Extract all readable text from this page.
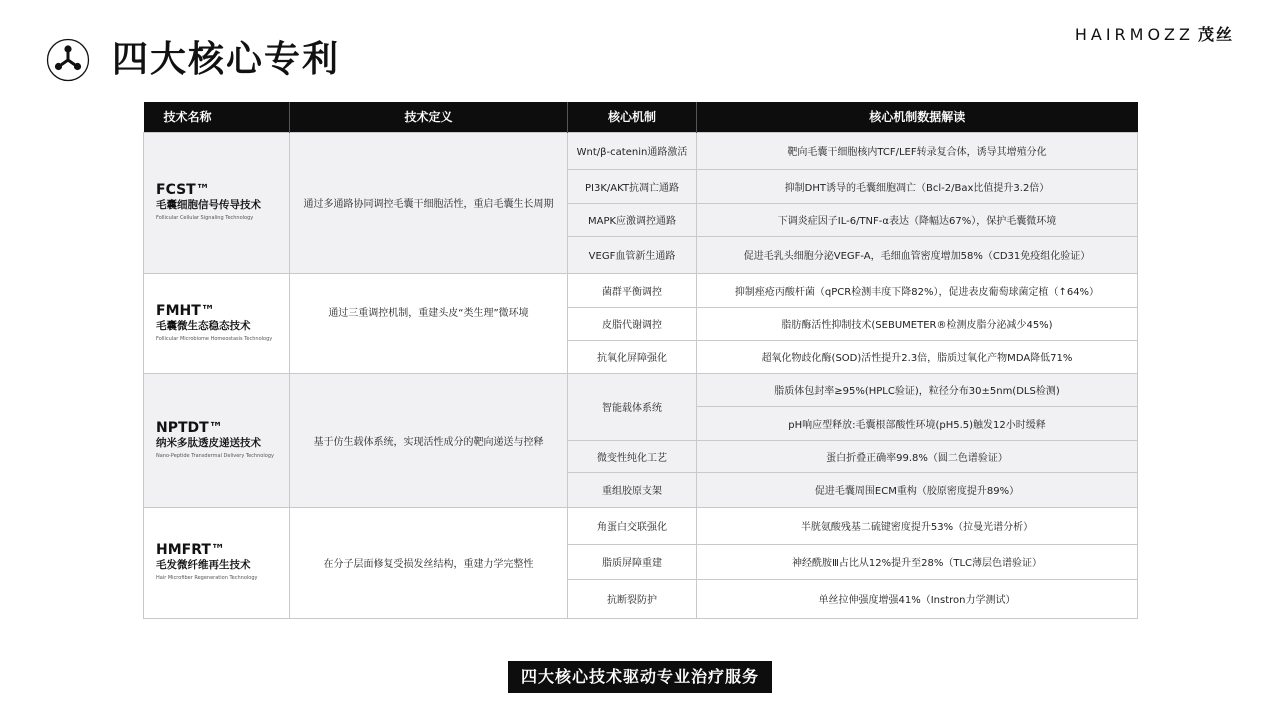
四大核心专利
HAIRMOZZ 茂丝
技术名称	技术定义	核心机制	核心机制数据解读

FCST™
毛囊细胞信号传导技术
Follicular Cellular Signaling Technology	通过多通路协同调控毛囊干细胞活性，重启毛囊生长周期	Wnt/β-catenin通路激活	靶向毛囊干细胞核内TCF/LEF转录复合体，诱导其增殖分化
		PI3K/AKT抗凋亡通路	抑制DHT诱导的毛囊细胞凋亡（Bcl-2/Bax比值提升3.2倍）
		MAPK应激调控通路	下调炎症因子IL-6/TNF-α表达（降幅达67%），保护毛囊微环境
		VEGF血管新生通路	促进毛乳头细胞分泌VEGF-A，毛细血管密度增加58%（CD31免疫组化验证）

FMHT™
毛囊微生态稳态技术
Follicular Microbiome Homeostasis Technology	通过三重调控机制，重建头皮“类生理”微环境	菌群平衡调控	抑制痤疮丙酸杆菌（qPCR检测丰度下降82%），促进表皮葡萄球菌定植（↑64%）
		皮脂代谢调控	脂肪酶活性抑制技术(SEBUMETER®检测皮脂分泌减少45%)
		抗氧化屏障强化	超氧化物歧化酶(SOD)活性提升2.3倍，脂质过氧化产物MDA降低71%

NPTDT™
纳米多肽透皮递送技术
Nano-Peptide Transdermal Delivery Technology	基于仿生载体系统，实现活性成分的靶向递送与控释	智能载体系统	脂质体包封率≥95%(HPLC验证)，粒径分布30±5nm(DLS检测)
			pH响应型释放:毛囊根部酸性环境(pH5.5)触发12小时缓释
		微变性纯化工艺	蛋白折叠正确率99.8%（圆二色谱验证）
		重组胶原支架	促进毛囊周围ECM重构（胶原密度提升89%）

HMFRT™
毛发微纤维再生技术
Hair Microfiber Regeneration Technology	在分子层面修复受损发丝结构，重建力学完整性	角蛋白交联强化	半胱氨酸残基二硫键密度提升53%（拉曼光谱分析）
		脂质屏障重建	神经酰胺Ⅲ占比从12%提升至28%（TLC薄层色谱验证）
		抗断裂防护	单丝拉伸强度增强41%（Instron力学测试）
四大核心技术驱动专业治疗服务
